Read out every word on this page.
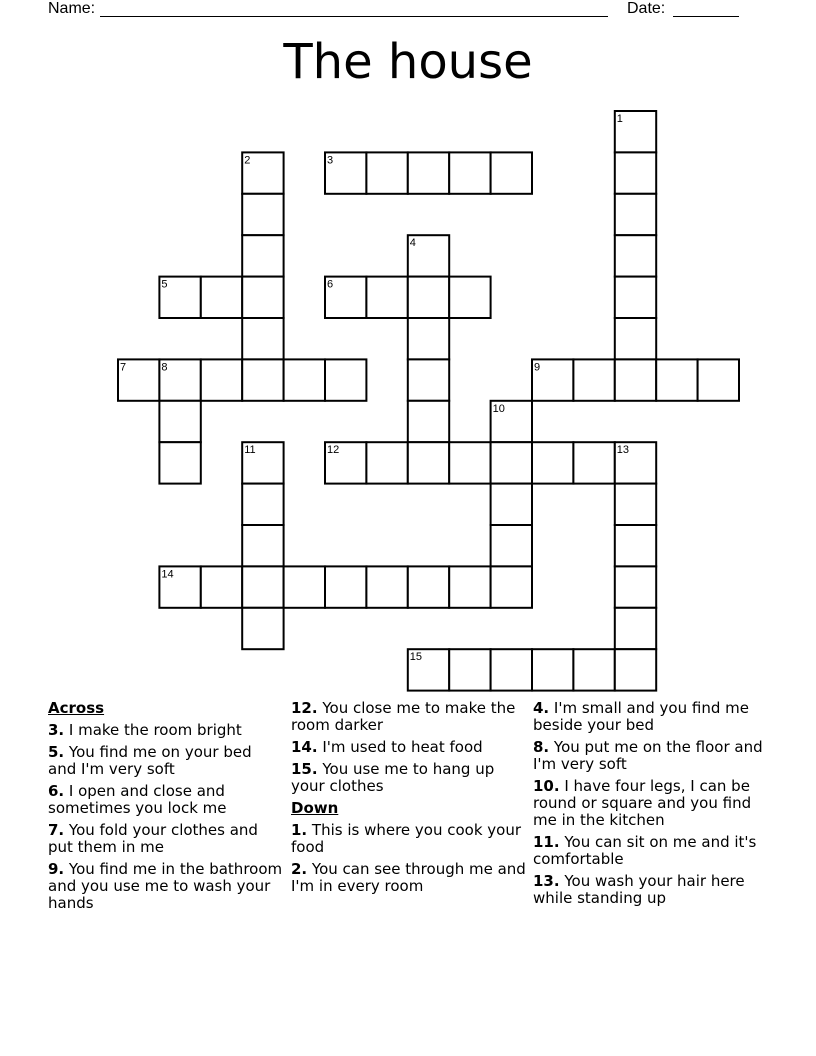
Name:	Date:
The house
1
2	3
4
5	6
7	8	9
10
11	12	13
14
15
Across
3. I make the room bright
5. You find me on your bed and I'm very soft
6. I open and close and sometimes you lock me
7. You fold your clothes and put them in me
9. You find me in the bathroom and you use me to wash your hands
12. You close me to make the room darker
14. I'm used to heat food
15. You use me to hang up your clothes
Down
1. This is where you cook your food
2. You can see through me and I'm in every room
4. I'm small and you find me beside your bed
8. You put me on the floor and I'm very soft
10. I have four legs, I can be round or square and you find me in the kitchen
11. You can sit on me and it's comfortable
13. You wash your hair here while standing up
